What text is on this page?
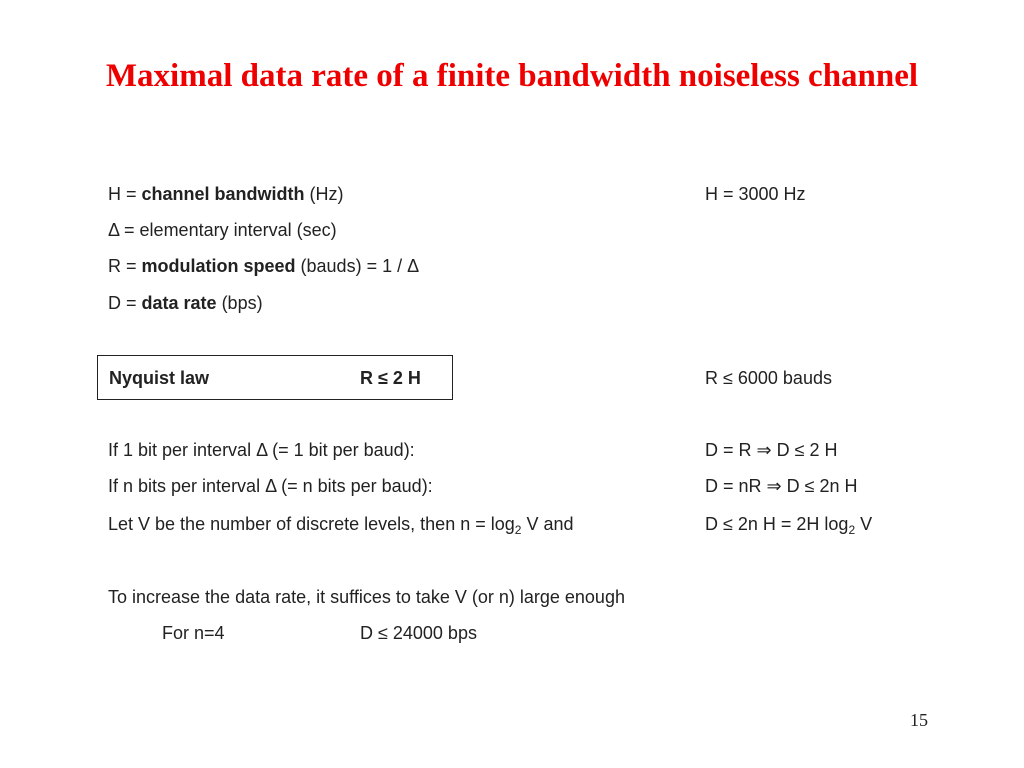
Maximal data rate of a finite bandwidth noiseless channel
H = channel bandwidth (Hz)	H = 3000 Hz
Δ = elementary interval (sec)
R = modulation speed (bauds) = 1 / Δ
D = data rate (bps)
Nyquist law	R ≤ 2 H	R ≤ 6000 bauds
If 1 bit per interval Δ (= 1 bit per baud):	D = R ⇒ D ≤ 2 H
If n bits per interval Δ (= n bits per baud):	D = nR ⇒ D ≤ 2n H
Let V be the number of discrete levels, then $n = \log_2 V$ and	D ≤ 2n H = 2H $\log_2 V$
To increase the data rate, it suffices to take V (or n) large enough
For n=4	D ≤ 24000 bps
15
